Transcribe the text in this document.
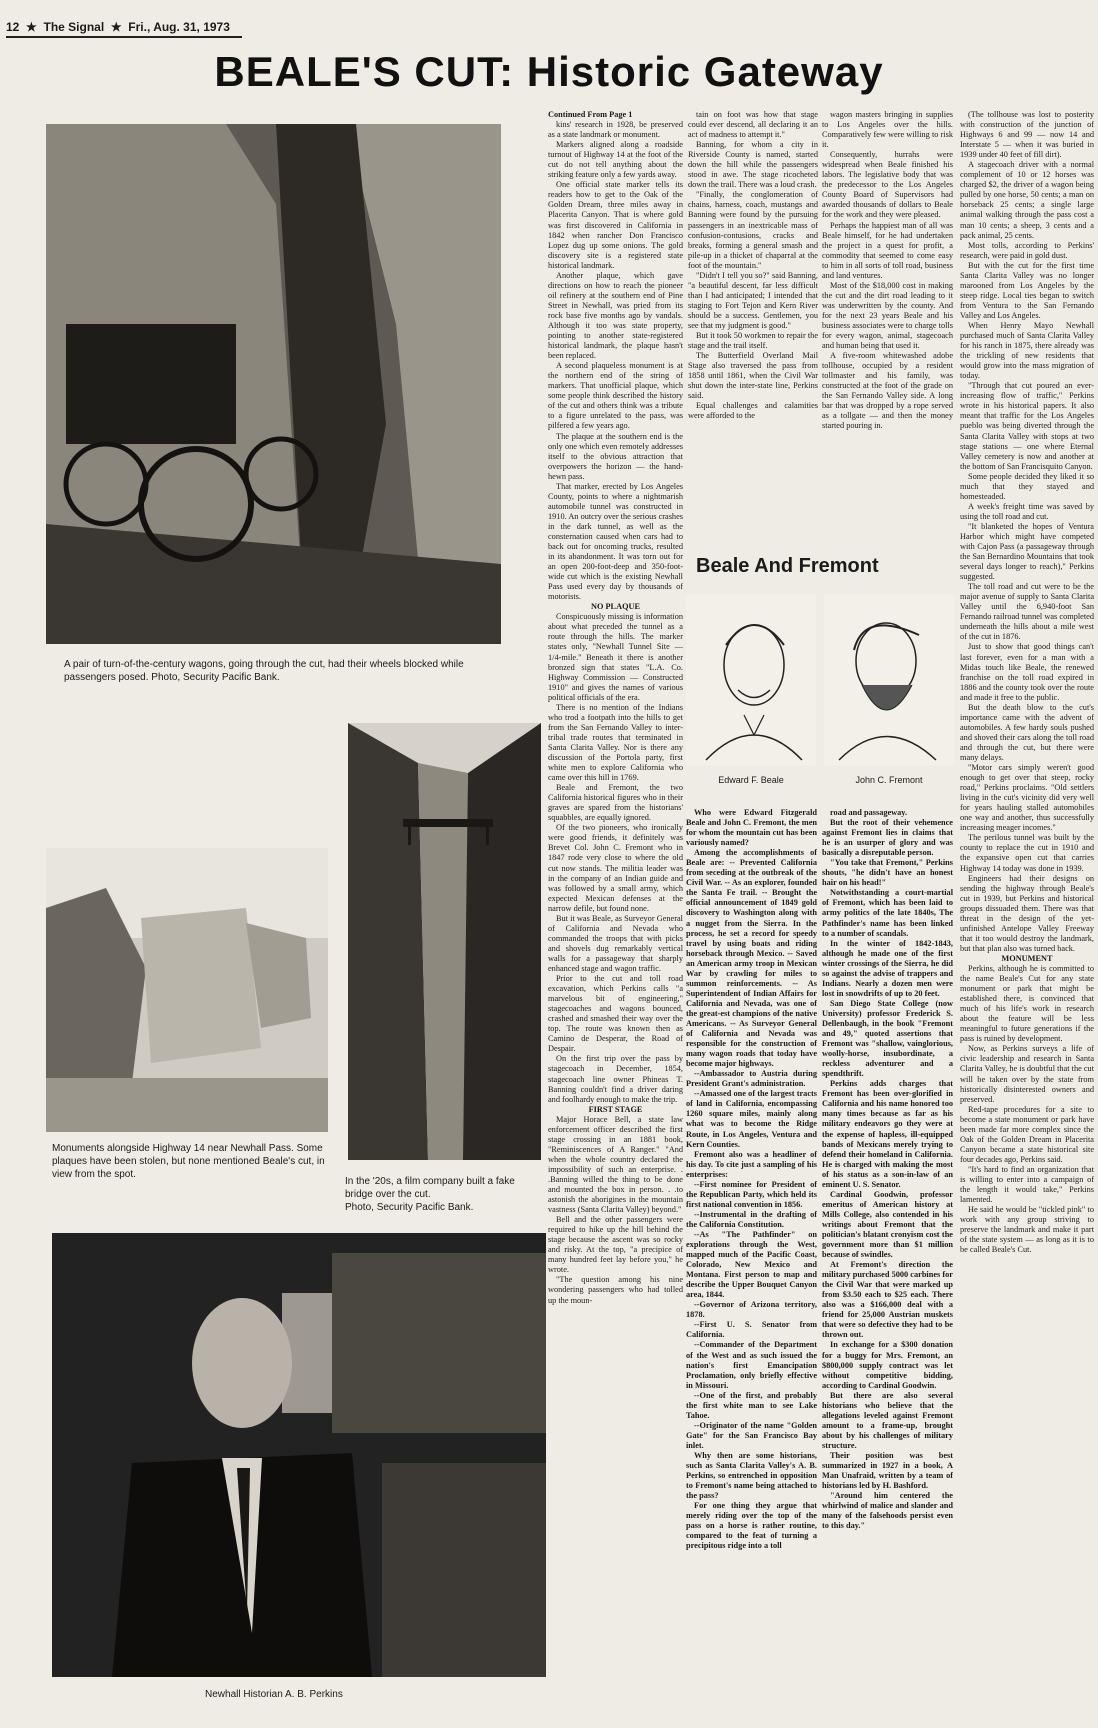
12  ★  The Signal  ★  Fri., Aug. 31, 1973
BEALE'S CUT: Historic Gateway
A pair of turn-of-the-century wagons, going through the cut, had their wheels blocked while passengers posed. Photo, Security Pacific Bank.
Monuments alongside Highway 14 near Newhall Pass. Some plaques have been stolen, but none mentioned Beale's cut, in view from the spot.
In the '20s, a film company built a fake bridge over the cut.
Photo, Security Pacific Bank.
Newhall Historian A. B. Perkins

Continued From Page 1

kins' research in 1928, be preserved as a state landmark or monument.

Markers aligned along a roadside turnout of Highway 14 at the foot of the cut do not tell anything about the striking feature only a few yards away.

One official state marker tells its readers how to get to the Oak of the Golden Dream, three miles away in Placerita Canyon. That is where gold was first discovered in California in 1842 when rancher Don Francisco Lopez dug up some onions. The gold discovery site is a registered state historical landmark.

Another plaque, which gave directions on how to reach the pioneer oil refinery at the southern end of Pine Street in Newhall, was pried from its rock base five months ago by vandals. Although it too was state property, pointing to another state-registered historical landmark, the plaque hasn't been replaced.

A second plaqueless monument is at the northern end of the string of markers. That unofficial plaque, which some people think described the history of the cut and others think was a tribute to a figure unrelated to the pass, was pilfered a few years ago.

The plaque at the southern end is the only one which even remotely addresses itself to the obvious attraction that overpowers the horizon — the hand-hewn pass.

That marker, erected by Los Angeles County, points to where a nightmarish automobile tunnel was constructed in 1910. An outcry over the serious crashes in the dark tunnel, as well as the consternation caused when cars had to back out for oncoming trucks, resulted in its abandonment. It was torn out for an open 200-foot-deep and 350-foot-wide cut which is the existing Newhall Pass used every day by thousands of motorists.

NO PLAQUE

Conspicuously missing is information about what preceded the tunnel as a route through the hills. The marker states only, "Newhall Tunnel Site — 1/4-mile." Beneath it there is another bronzed sign that states "L.A. Co. Highway Commission — Constructed 1910" and gives the names of various political officials of the era.

There is no mention of the Indians who trod a footpath into the hills to get from the San Fernando Valley to inter-tribal trade routes that terminated in Santa Clarita Valley. Nor is there any discussion of the Portola party, first white men to explore California who came over this hill in 1769.

Beale and Fremont, the two California historical figures who in their graves are spared from the historians' squabbles, are equally ignored.

Of the two pioneers, who ironically were good friends, it definitely was Brevet Col. John C. Fremont who in 1847 rode very close to where the old cut now stands. The militia leader was in the company of an Indian guide and was followed by a small army, which expected Mexican defenses at the narrow defile, but found none.

But it was Beale, as Surveyor General of California and Nevada who commanded the troops that with picks and shovels dug remarkably vertical walls for a passageway that sharply enhanced stage and wagon traffic.

Prior to the cut and toll road excavation, which Perkins calls "a marvelous bit of engineering," stagecoaches and wagons bounced, crashed and smashed their way over the top. The route was known then as Camino de Desperar, the Road of Despair.

On the first trip over the pass by stagecoach in December, 1854, stagecoach line owner Phineas T. Banning couldn't find a driver daring and foolhardy enough to make the trip.

FIRST STAGE

Major Horace Bell, a state law enforcement officer described the first stage crossing in an 1881 book, "Reminiscences of A Ranger." "And when the whole country declared the impossibility of such an enterprise. . .Banning willed the thing to be done and mounted the box in person. . .to astonish the aborigines in the mountain vastness (Santa Clarita Valley) beyond."

Bell and the other passengers were required to hike up the hill behind the stage because the ascent was so rocky and risky. At the top, "a precipice of many hundred feet lay before you," he wrote.

"The question among his nine wondering passengers who had tolled up the moun-

tain on foot was how that stage could ever descend, all declaring it an act of madness to attempt it."

Banning, for whom a city in Riverside County is named, started down the hill while the passengers stood in awe. The stage ricocheted down the trail. There was a loud crash.

"Finally, the conglomeration of chains, harness, coach, mustangs and Banning were found by the pursuing passengers in an inextricable mass of confusion-contusions, cracks and breaks, forming a general smash and pile-up in a thicket of chaparral at the foot of the mountain."

"Didn't I tell you so?" said Banning, "a beautiful descent, far less difficult than I had anticipated; I intended that staging to Fort Tejon and Kern River should be a success. Gentlemen, you see that my judgment is good."

But it took 50 workmen to repair the stage and the trail itself.

The Butterfield Overland Mail Stage also traversed the pass from 1858 until 1861, when the Civil War shut down the inter-state line, Perkins said.

Equal challenges and calamities were afforded to the

wagon masters bringing in supplies to Los Angeles over the hills. Comparatively few were willing to risk it.

Consequently, hurrahs were widespread when Beale finished his labors. The legislative body that was the predecessor to the Los Angeles County Board of Supervisors had awarded thousands of dollars to Beale for the work and they were pleased.

Perhaps the happiest man of all was Beale himself, for he had undertaken the project in a quest for profit, a commodity that seemed to come easy to him in all sorts of toll road, business and land ventures.

Most of the $18,000 cost in making the cut and the dirt road leading to it was underwritten by the county. And for the next 23 years Beale and his business associates were to charge tolls for every wagon, animal, stagecoach and human being that used it.

A five-room whitewashed adobe tollhouse, occupied by a resident tollmaster and his family, was constructed at the foot of the grade on the San Fernando Valley side. A long bar that was dropped by a rope served as a tollgate — and then the money started pouring in.

(The tollhouse was lost to posterity with construction of the junction of Highways 6 and 99 — now 14 and Interstate 5 — when it was buried in 1939 under 40 feet of fill dirt).

A stagecoach driver with a normal complement of 10 or 12 horses was charged $2, the driver of a wagon being pulled by one horse, 50 cents; a man on horseback 25 cents; a single large animal walking through the pass cost a man 10 cents; a sheep, 3 cents and a pack animal, 25 cents.

Most tolls, according to Perkins' research, were paid in gold dust.

But with the cut for the first time Santa Clarita Valley was no longer marooned from Los Angeles by the steep ridge. Local ties began to switch from Ventura to the San Fernando Valley and Los Angeles.

When Henry Mayo Newhall purchased much of Santa Clarita Valley for his ranch in 1875, there already was the trickling of new residents that would grow into the mass migration of today.

"Through that cut poured an ever-increasing flow of traffic," Perkins wrote in his historical papers. It also meant that traffic for the Los Angeles pueblo was being diverted through the Santa Clarita Valley with stops at two stage stations — one where Eternal Valley cemetery is now and another at the bottom of San Francisquito Canyon.

Some people decided they liked it so much that they stayed and homesteaded.

A week's freight time was saved by using the toll road and cut.

"It blanketed the hopes of Ventura Harbor which might have competed with Cajon Pass (a passageway through the San Bernardino Mountains that took several days longer to reach)," Perkins suggested.

The toll road and cut were to be the major avenue of supply to Santa Clarita Valley until the 6,940-foot San Fernando railroad tunnel was completed underneath the hills about a mile west of the cut in 1876.

Just to show that good things can't last forever, even for a man with a Midas touch like Beale, the renewed franchise on the toll road expired in 1886 and the county took over the route and made it free to the public.

But the death blow to the cut's importance came with the advent of automobiles. A few hardy souls pushed and shoved their cars along the toll road and through the cut, but there were many delays.

"Motor cars simply weren't good enough to get over that steep, rocky road," Perkins proclaims. "Old settlers living in the cut's vicinity did very well for years hauling stalled automobiles one way and another, thus successfully increasing meager incomes."

The perilous tunnel was built by the county to replace the cut in 1910 and the expansive open cut that carries Highway 14 today was done in 1939.

Engineers had their designs on sending the highway through Beale's cut in 1939, but Perkins and historical groups dissuaded them. There was that threat in the design of the yet-unfinished Antelope Valley Freeway that it too would destroy the landmark, but that plan also was turned back.

MONUMENT

Perkins, although he is committed to the name Beale's Cut for any state monument or park that might be established there, is convinced that much of his life's work in research about the feature will be less meaningful to future generations if the pass is ruined by development.

Now, as Perkins surveys a life of civic leadership and research in Santa Clarita Valley, he is doubtful that the cut will be taken over by the state from historically disinterested owners and preserved.

Red-tape procedures for a site to become a state monument or park have been made far more complex since the Oak of the Golden Dream in Placerita Canyon became a state historical site four decades ago, Perkins said.

"It's hard to find an organization that is willing to enter into a campaign of the length it would take," Perkins lamented.

He said he would be "tickled pink" to work with any group striving to preserve the landmark and make it part of the state system — as long as it is to be called Beale's Cut.

Beale And Fremont
Edward F. Beale	John C. Fremont

Who were Edward Fitzgerald Beale and John C. Fremont, the men for whom the mountain cut has been variously named?

Among the accomplishments of Beale are: -- Prevented California from seceding at the outbreak of the Civil War. -- As an explorer, founded the Santa Fe trail. -- Brought the official announcement of 1849 gold discovery to Washington along with a nugget from the Sierra. In the process, he set a record for speedy travel by using boats and riding horseback through Mexico. -- Saved an American army troop in Mexican War by crawling for miles to summon reinforcements. -- As Superintendent of Indian Affairs for California and Nevada, was one of the great-est champions of the native Americans. -- As Surveyor General of California and Nevada was responsible for the construction of many wagon roads that today have become major highways.

--Ambassador to Austria during President Grant's administration.

--Amassed one of the largest tracts of land in California, encompassing 1260 square miles, mainly along what was to become the Ridge Route, in Los Angeles, Ventura and Kern Counties.

Fremont also was a headliner of his day. To cite just a sampling of his enterprises:

--First nominee for President of the Republican Party, which held its first national convention in 1856.

--Instrumental in the drafting of the California Constitution.

--As "The Pathfinder" on explorations through the West, mapped much of the Pacific Coast, Colorado, New Mexico and Montana. First person to map and describe the Upper Bouquet Canyon area, 1844.

--Governor of Arizona territory, 1878.

--First U. S. Senator from California.

--Commander of the Department of the West and as such issued the nation's first Emancipation Proclamation, only briefly effective in Missouri.

--One of the first, and probably the first white man to see Lake Tahoe.

--Originator of the name "Golden Gate" for the San Francisco Bay inlet.

Why then are some historians, such as Santa Clarita Valley's A. B. Perkins, so entrenched in opposition to Fremont's name being attached to the pass?

For one thing they argue that merely riding over the top of the pass on a horse is rather routine, compared to the feat of turning a precipitous ridge into a toll

road and passageway.

But the root of their vehemence against Fremont lies in claims that he is an usurper of glory and was basically a disreputable person.

"You take that Fremont," Perkins shouts, "he didn't have an honest hair on his head!"

Notwithstanding a court-martial of Fremont, which has been laid to army politics of the late 1840s, The Pathfinder's name has been linked to a number of scandals.

In the winter of 1842-1843, although he made one of the first winter crossings of the Sierra, he did so against the advise of trappers and Indians. Nearly a dozen men were lost in snowdrifts of up to 20 feet.

San Diego State College (now University) professor Frederick S. Dellenbaugh, in the book "Fremont and 49," quoted assertions that Fremont was "shallow, vainglorious, woolly-horse, insubordinate, a reckless adventurer and a spendthrift.

Perkins adds charges that Fremont has been over-glorified in California and his name honored too many times because as far as his military endeavors go they were at the expense of hapless, ill-equipped bands of Mexicans merely trying to defend their homeland in California. He is charged with making the most of his status as a son-in-law of an eminent U. S. Senator.

Cardinal Goodwin, professor emeritus of American history at Mills College, also contended in his writings about Fremont that the politician's blatant cronyism cost the government more than $1 million because of swindles.

At Fremont's direction the military purchased 5000 carbines for the Civil War that were marked up from $3.50 each to $25 each. There also was a $166,000 deal with a friend for 25,000 Austrian muskets that were so defective they had to be thrown out.

In exchange for a $300 donation for a buggy for Mrs. Fremont, an $800,000 supply contract was let without competitive bidding, according to Cardinal Goodwin.

But there are also several historians who believe that the allegations leveled against Fremont amount to a frame-up, brought about by his challenges of military structure.

Their position was best summarized in 1927 in a book, A Man Unafraid, written by a team of historians led by H. Bashford.

"Around him centered the whirlwind of malice and slander and many of the falsehoods persist even to this day."
